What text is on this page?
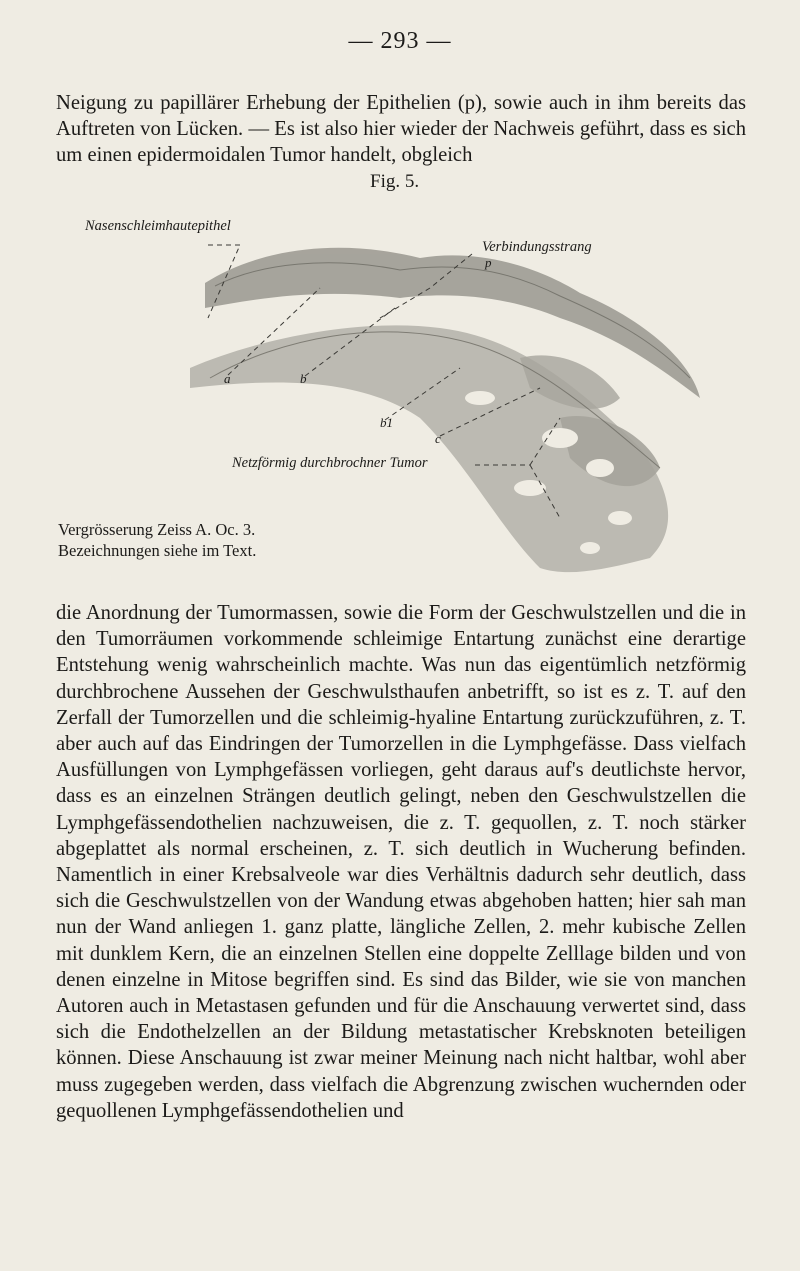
— 293 —

Neigung zu papillärer Erhebung der Epithelien (p), sowie auch in ihm bereits das Auftreten von Lücken. — Es ist also hier wieder der Nachweis geführt, dass es sich um einen epidermoidalen Tumor handelt, obgleich

Fig. 5.
Nasenschleimhautepithel
Verbindungsstrang
p
a	b
b1
c
Netzförmig durchbrochner Tumor
Vergrösserung Zeiss A. Oc. 3.
Bezeichnungen siehe im Text.

die Anordnung der Tumormassen, sowie die Form der Geschwulstzellen und die in den Tumorräumen vorkommende schleimige Entartung zunächst eine derartige Entstehung wenig wahrscheinlich machte. Was nun das eigentümlich netzförmig durchbrochene Aussehen der Geschwulsthaufen anbetrifft, so ist es z. T. auf den Zerfall der Tumorzellen und die schleimig-hyaline Entartung zurückzuführen, z. T. aber auch auf das Eindringen der Tumorzellen in die Lymphgefässe. Dass vielfach Ausfüllungen von Lymphgefässen vorliegen, geht daraus auf's deutlichste hervor, dass es an einzelnen Strängen deutlich gelingt, neben den Geschwulstzellen die Lymphgefässendothelien nachzuweisen, die z. T. gequollen, z. T. noch stärker abgeplattet als normal erscheinen, z. T. sich deutlich in Wucherung befinden. Namentlich in einer Krebsalveole war dies Verhältnis dadurch sehr deutlich, dass sich die Geschwulstzellen von der Wandung etwas abgehoben hatten; hier sah man nun der Wand anliegen 1. ganz platte, längliche Zellen, 2. mehr kubische Zellen mit dunklem Kern, die an einzelnen Stellen eine doppelte Zelllage bilden und von denen einzelne in Mitose begriffen sind. Es sind das Bilder, wie sie von manchen Autoren auch in Metastasen gefunden und für die Anschauung verwertet sind, dass sich die Endothelzellen an der Bildung metastatischer Krebsknoten beteiligen können. Diese Anschauung ist zwar meiner Meinung nach nicht haltbar, wohl aber muss zugegeben werden, dass vielfach die Abgrenzung zwischen wuchernden oder gequollenen Lymphgefässendothelien und
